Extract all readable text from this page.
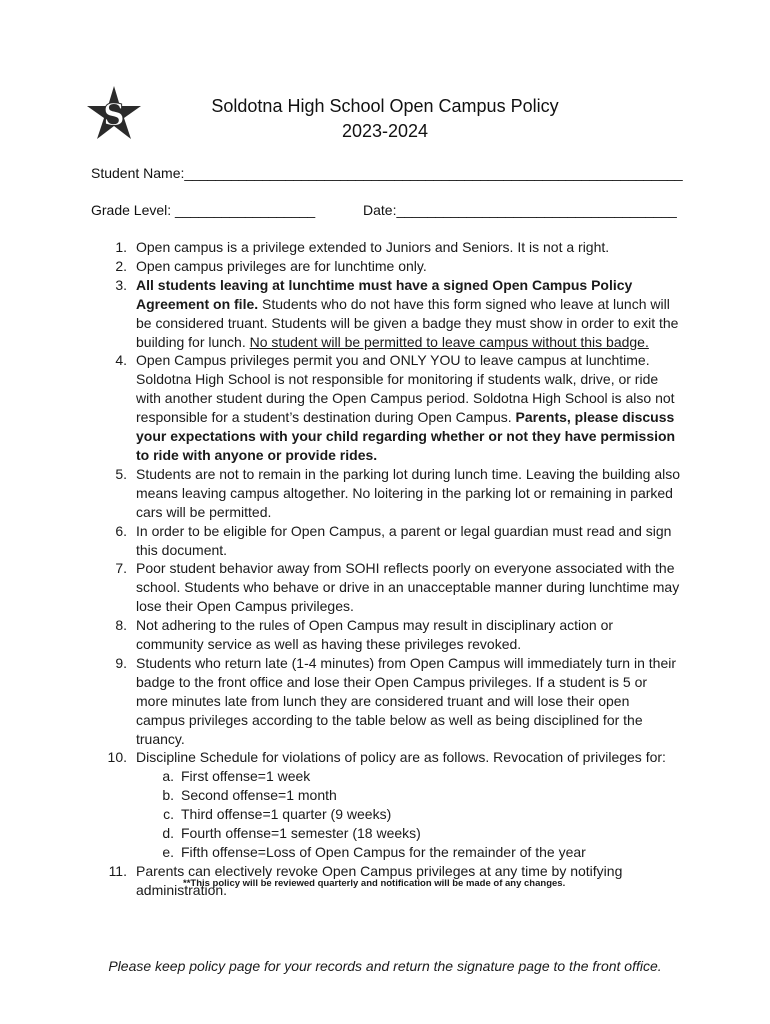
S	Soldotna High School Open Campus Policy
2023-2024
Student Name:________________________________________________________________
Grade Level: __________________	Date:____________________________________
1. Open campus is a privilege extended to Juniors and Seniors. It is not a right.
2. Open campus privileges are for lunchtime only.
3. All students leaving at lunchtime must have a signed Open Campus Policy Agreement on file. Students who do not have this form signed who leave at lunch will be considered truant. Students will be given a badge they must show in order to exit the building for lunch. No student will be permitted to leave campus without this badge.
4. Open Campus privileges permit you and ONLY YOU to leave campus at lunchtime. Soldotna High School is not responsible for monitoring if students walk, drive, or ride with another student during the Open Campus period. Soldotna High School is also not responsible for a student’s destination during Open Campus. Parents, please discuss your expectations with your child regarding whether or not they have permission to ride with anyone or provide rides.
5. Students are not to remain in the parking lot during lunch time. Leaving the building also means leaving campus altogether. No loitering in the parking lot or remaining in parked cars will be permitted.
6. In order to be eligible for Open Campus, a parent or legal guardian must read and sign this document.
7. Poor student behavior away from SOHI reflects poorly on everyone associated with the school. Students who behave or drive in an unacceptable manner during lunchtime may lose their Open Campus privileges.
8. Not adhering to the rules of Open Campus may result in disciplinary action or community service as well as having these privileges revoked.
9. Students who return late (1-4 minutes) from Open Campus will immediately turn in their badge to the front office and lose their Open Campus privileges. If a student is 5 or more minutes late from lunch they are considered truant and will lose their open campus privileges according to the table below as well as being disciplined for the truancy.
10. Discipline Schedule for violations of policy are as follows. Revocation of privileges for:
a. First offense=1 week
b. Second offense=1 month
c. Third offense=1 quarter (9 weeks)
d. Fourth offense=1 semester (18 weeks)
e. Fifth offense=Loss of Open Campus for the remainder of the year
11. Parents can electively revoke Open Campus privileges at any time by notifying administration.
**This policy will be reviewed quarterly and notification will be made of any changes.
Please keep policy page for your records and return the signature page to the front office.
